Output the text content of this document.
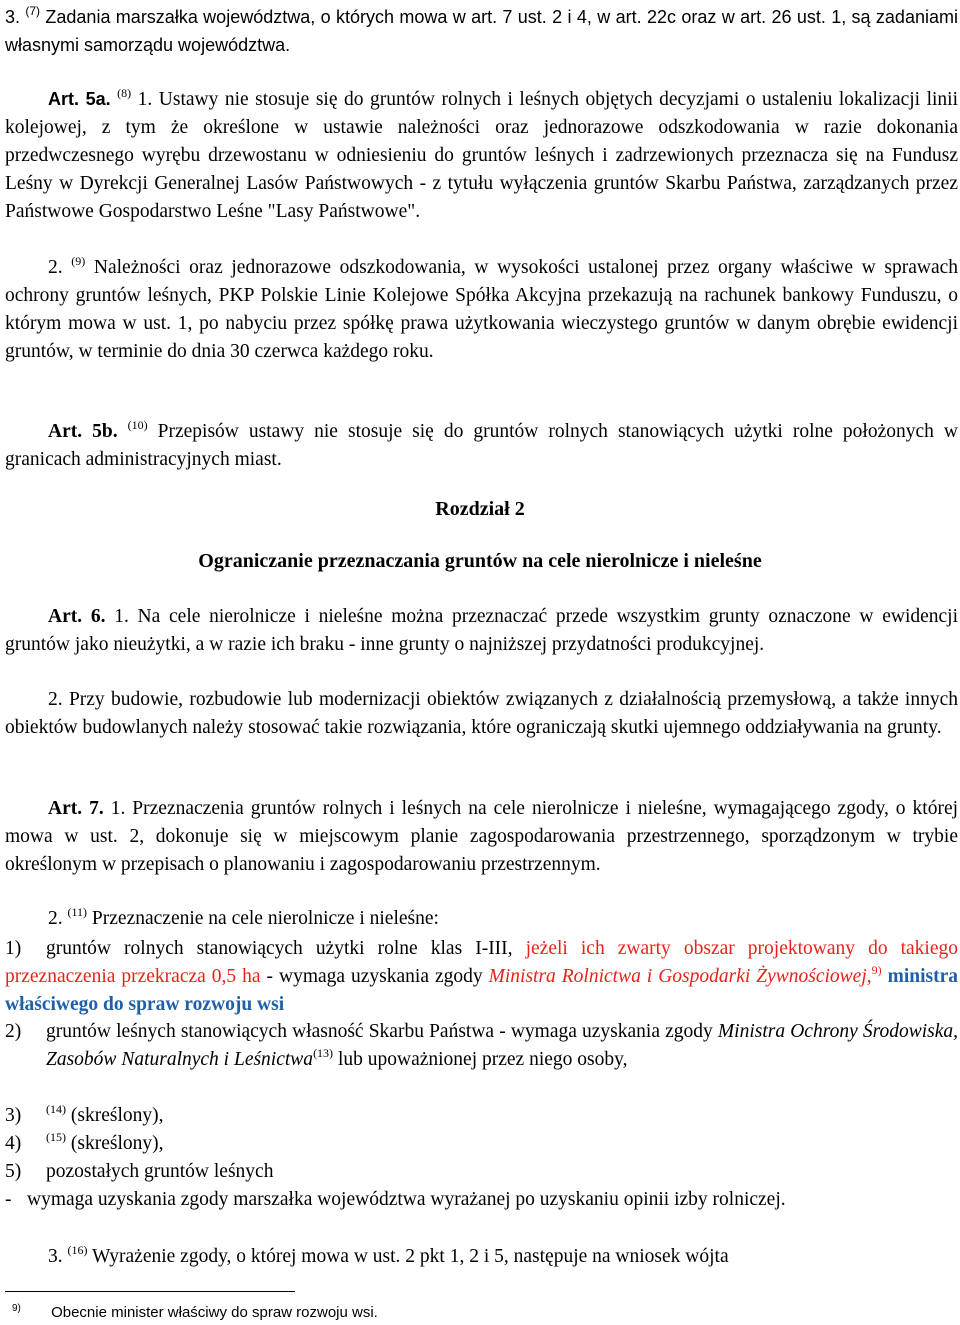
3. $^{(7)}$ Zadania marszałka województwa, o których mowa w art. 7 ust. 2 i 4, w art. 22c oraz w art. 26 ust. 1, są zadaniami własnymi samorządu województwa.

Art. 5a. $^{(8)}$ 1. Ustawy nie stosuje się do gruntów rolnych i leśnych objętych decyzjami o ustaleniu lokalizacji linii kolejowej, z tym że określone w ustawie należności oraz jednorazowe odszkodowania w razie dokonania przedwczesnego wyrębu drzewostanu w odniesieniu do gruntów leśnych i zadrzewionych przeznacza się na Fundusz Leśny w Dyrekcji Generalnej Lasów Państwowych - z tytułu wyłączenia gruntów Skarbu Państwa, zarządzanych przez Państwowe Gospodarstwo Leśne "Lasy Państwowe".

2. $^{(9)}$ Należności oraz jednorazowe odszkodowania, w wysokości ustalonej przez organy właściwe w sprawach ochrony gruntów leśnych, PKP Polskie Linie Kolejowe Spółka Akcyjna przekazują na rachunek bankowy Funduszu, o którym mowa w ust. 1, po nabyciu przez spółkę prawa użytkowania wieczystego gruntów w danym obrębie ewidencji gruntów, w terminie do dnia 30 czerwca każdego roku.

Art. 5b. $^{(10)}$ Przepisów ustawy nie stosuje się do gruntów rolnych stanowiących użytki rolne położonych w granicach administracyjnych miast.

Rozdział 2
Ograniczanie przeznaczania gruntów na cele nierolnicze i nieleśne

Art. 6. 1. Na cele nierolnicze i nieleśne można przeznaczać przede wszystkim grunty oznaczone w ewidencji gruntów jako nieużytki, a w razie ich braku - inne grunty o najniższej przydatności produkcyjnej.

2. Przy budowie, rozbudowie lub modernizacji obiektów związanych z działalnością przemysłową, a także innych obiektów budowlanych należy stosować takie rozwiązania, które ograniczają skutki ujemnego oddziaływania na grunty.

Art. 7. 1. Przeznaczenia gruntów rolnych i leśnych na cele nierolnicze i nieleśne, wymagającego zgody, o której mowa w ust. 2, dokonuje się w miejscowym planie zagospodarowania przestrzennego, sporządzonym w trybie określonym w przepisach o planowaniu i zagospodarowaniu przestrzennym.

2. $^{(11)}$ Przeznaczenie na cele nierolnicze i nieleśne:

1)	gruntów rolnych stanowiących użytki rolne klas I-III, jeżeli ich zwarty obszar projektowany do takiego przeznaczenia przekracza 0,5 ha - wymaga uzyskania zgody Ministra Rolnictwa i Gospodarki Żywnościowej,$^{9)}$ ministra właściwego do spraw rozwoju wsi
2) gruntów leśnych stanowiących własność Skarbu Państwa - wymaga uzyskania zgody Ministra Ochrony Środowiska, Zasobów Naturalnych i Leśnictwa$^{(13)}$ lub upoważnionej przez niego osoby,
3) $^{(14)}$ (skreślony),
4) $^{(15)}$ (skreślony),
5) pozostałych gruntów leśnych
- wymaga uzyskania zgody marszałka województwa wyrażanej po uzyskaniu opinii izby rolniczej.

3. $^{(16)}$ Wyrażenie zgody, o której mowa w ust. 2 pkt 1, 2 i 5, następuje na wniosek wójta

$^{9)}$ Obecnie minister właściwy do spraw rozwoju wsi.
